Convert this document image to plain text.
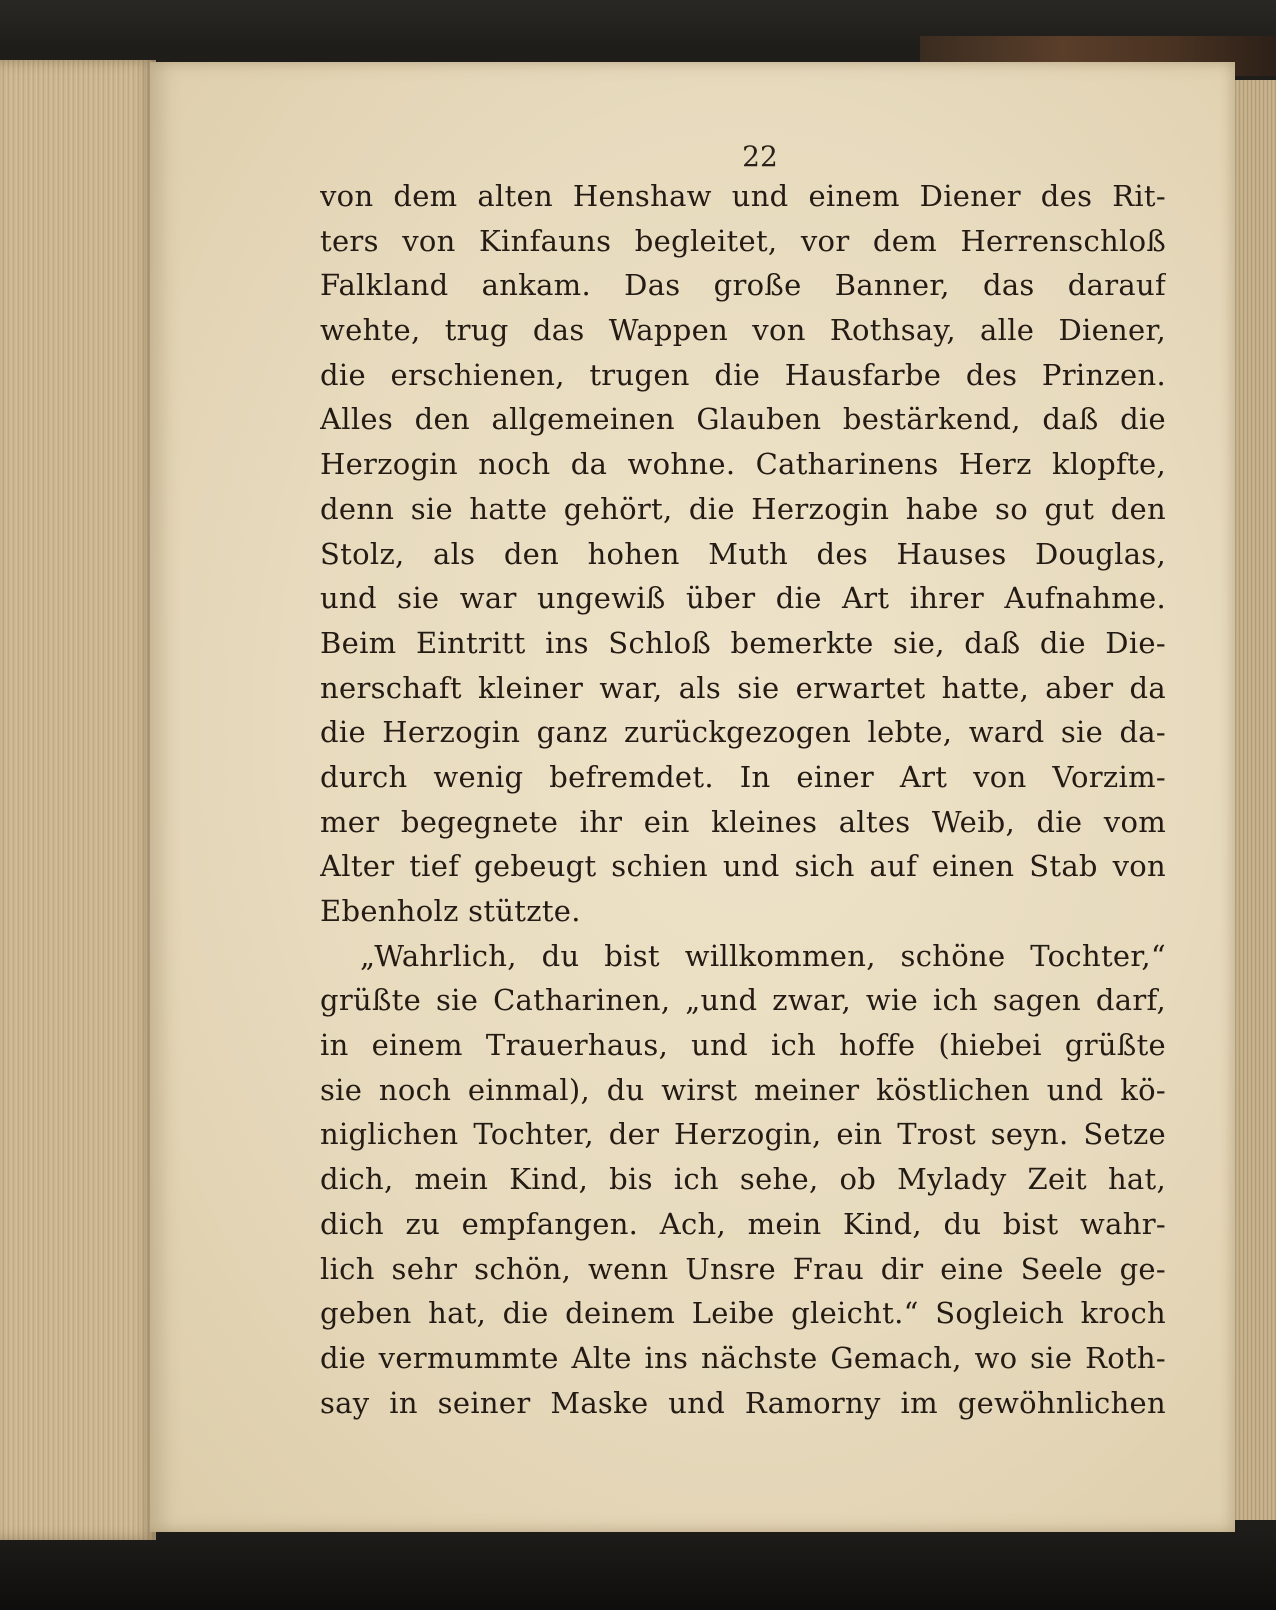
22
von dem alten Henshaw und einem Diener des Rit-
ters von Kinfauns begleitet, vor dem Herrenschloß
Falkland ankam. Das große Banner, das darauf
wehte, trug das Wappen von Rothsay, alle Diener,
die erschienen, trugen die Hausfarbe des Prinzen.
Alles den allgemeinen Glauben bestärkend, daß die
Herzogin noch da wohne. Catharinens Herz klopfte,
denn sie hatte gehört, die Herzogin habe so gut den
Stolz, als den hohen Muth des Hauses Douglas,
und sie war ungewiß über die Art ihrer Aufnahme.
Beim Eintritt ins Schloß bemerkte sie, daß die Die-
nerschaft kleiner war, als sie erwartet hatte, aber da
die Herzogin ganz zurückgezogen lebte, ward sie da-
durch wenig befremdet. In einer Art von Vorzim-
mer begegnete ihr ein kleines altes Weib, die vom
Alter tief gebeugt schien und sich auf einen Stab von
Ebenholz stützte.
„Wahrlich, du bist willkommen, schöne Tochter,“
grüßte sie Catharinen, „und zwar, wie ich sagen darf,
in einem Trauerhaus, und ich hoffe (hiebei grüßte
sie noch einmal), du wirst meiner köstlichen und kö-
niglichen Tochter, der Herzogin, ein Trost seyn. Setze
dich, mein Kind, bis ich sehe, ob Mylady Zeit hat,
dich zu empfangen. Ach, mein Kind, du bist wahr-
lich sehr schön, wenn Unsre Frau dir eine Seele ge-
geben hat, die deinem Leibe gleicht.“ Sogleich kroch
die vermummte Alte ins nächste Gemach, wo sie Roth-
say in seiner Maske und Ramorny im gewöhnlichen
